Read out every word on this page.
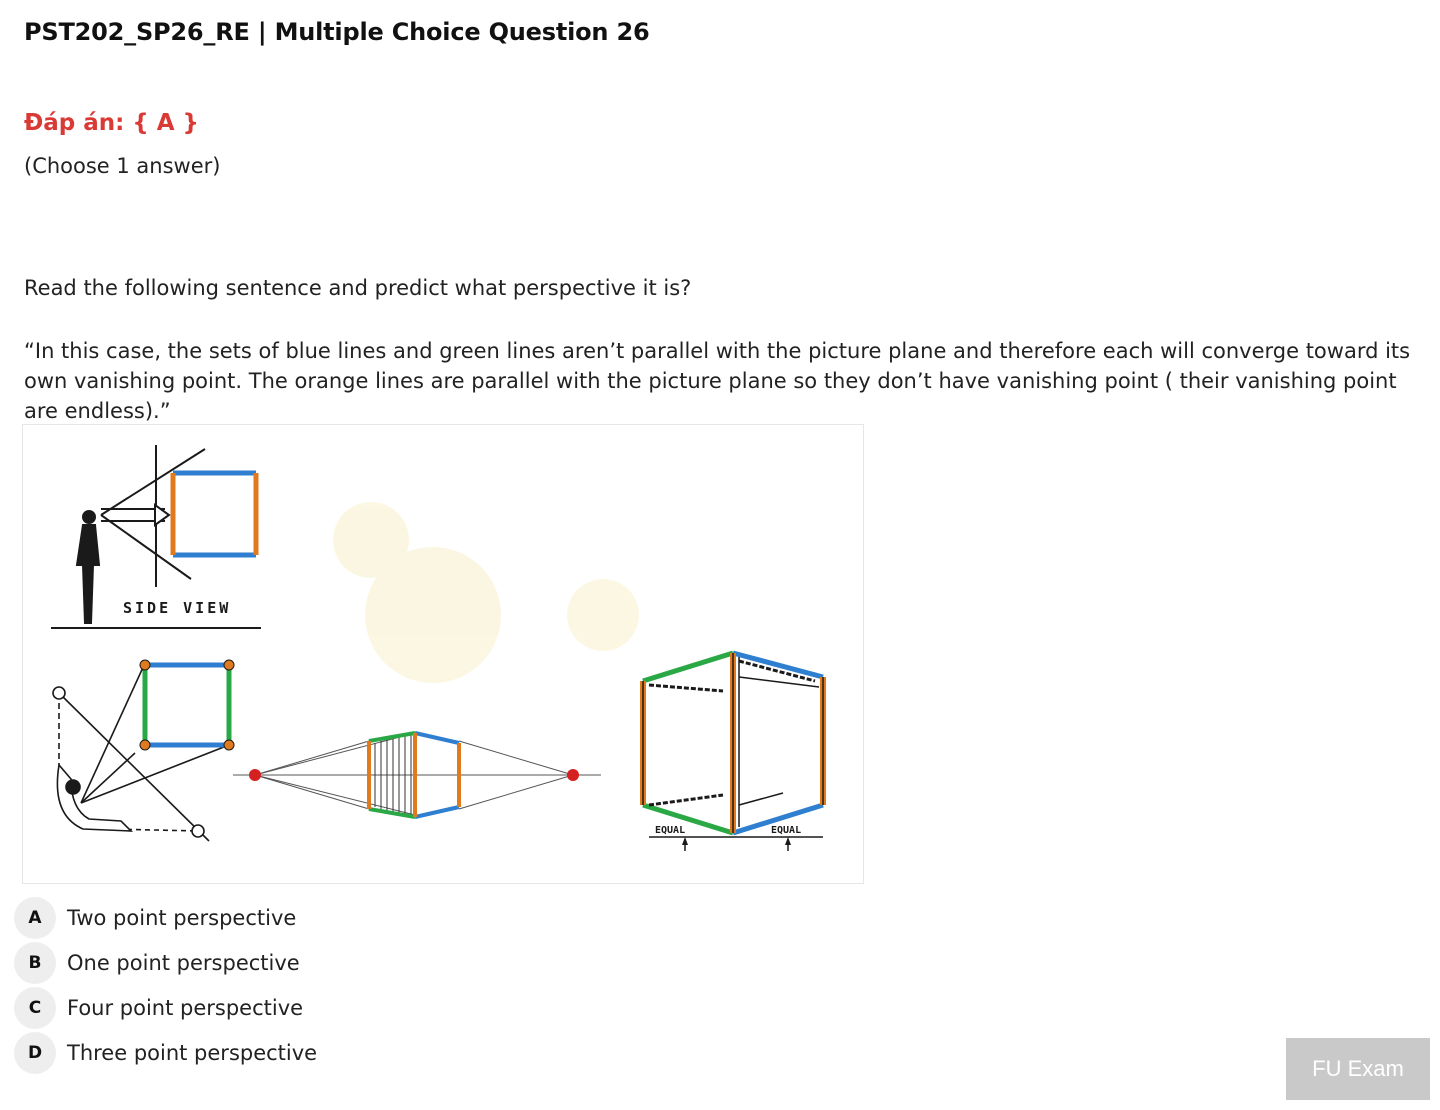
PST202_SP26_RE | Multiple Choice Question 26
Đáp án: { A }
(Choose 1 answer)
Read the following sentence and predict what perspective it is?
“In this case, the sets of blue lines and green lines aren’t parallel with the picture plane and therefore each will converge toward its own vanishing point. The orange lines are parallel with the picture plane so they don’t have vanishing point ( their vanishing point are endless).”
SIDE VIEW
EQUAL	EQUAL
A	Two point perspective
B	One point perspective
C	Four point perspective
D	Three point perspective
FU Exam
